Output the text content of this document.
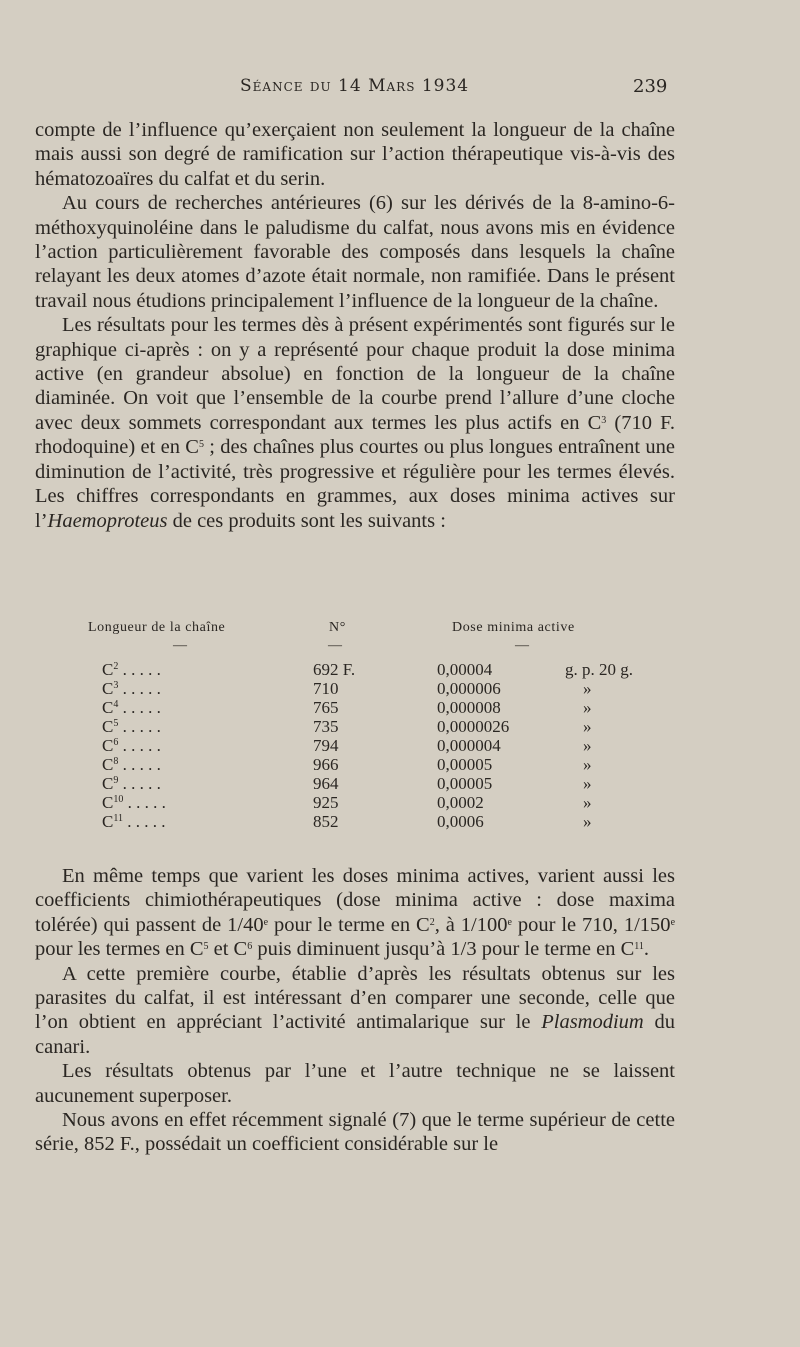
Séance du 14 Mars 1934	239

compte de l’influence qu’exerçaient non seulement la longueur de la chaîne mais aussi son degré de ramification sur l’action thérapeutique vis-à-vis des hématozoaïres du calfat et du serin.

Au cours de recherches antérieures (6) sur les dérivés de la 8-amino-6-méthoxyquinoléine dans le paludisme du calfat, nous avons mis en évidence l’action particulièrement favorable des composés dans lesquels la chaîne relayant les deux atomes d’azote était normale, non ramifiée. Dans le présent travail nous étudions principalement l’influence de la longueur de la chaîne.

Les résultats pour les termes dès à présent expérimentés sont figurés sur le graphique ci-après : on y a représenté pour chaque produit la dose minima active (en grandeur absolue) en fonction de la longueur de la chaîne diaminée. On voit que l’ensemble de la courbe prend l’allure d’une cloche avec deux sommets correspondant aux termes les plus actifs en $C^3$ (710 F. rhodoquine) et en $C^5$ ; des chaînes plus courtes ou plus longues entraînent une diminution de l’activité, très progressive et régulière pour les termes élevés. Les chiffres correspondants en grammes, aux doses minima actives sur l’Haemoproteus de ces produits sont les suivants :

Longueur de la chaîne	N°	Dose minima active
—	—	—
$C^2$ . . . . .	692 F.	0,00004	g. p. 20 g.
$C^3$ . . . . .	710	0,000006	»
$C^4$ . . . . .	765	0,000008	»
$C^5$ . . . . .	735	0,0000026	»
$C^6$ . . . . .	794	0,000004	»
$C^8$ . . . . .	966	0,00005	»
$C^9$ . . . . .	964	0,00005	»
$C^{10}$ . . . . .	925	0,0002	»
$C^{11}$ . . . . .	852	0,0006	»

En même temps que varient les doses minima actives, varient aussi les coefficients chimiothérapeutiques (dose minima active : dose maxima tolérée) qui passent de 1/40e pour le terme en $C^2$, à 1/100e pour le 710, 1/150e pour les termes en $C^5$ et $C^6$ puis diminuent jusqu’à 1/3 pour le terme en $C^{11}$.

A cette première courbe, établie d’après les résultats obtenus sur les parasites du calfat, il est intéressant d’en comparer une seconde, celle que l’on obtient en appréciant l’activité antimalarique sur le Plasmodium du canari.

Les résultats obtenus par l’une et l’autre technique ne se laissent aucunement superposer.

Nous avons en effet récemment signalé (7) que le terme supérieur de cette série, 852 F., possédait un coefficient considérable sur le
